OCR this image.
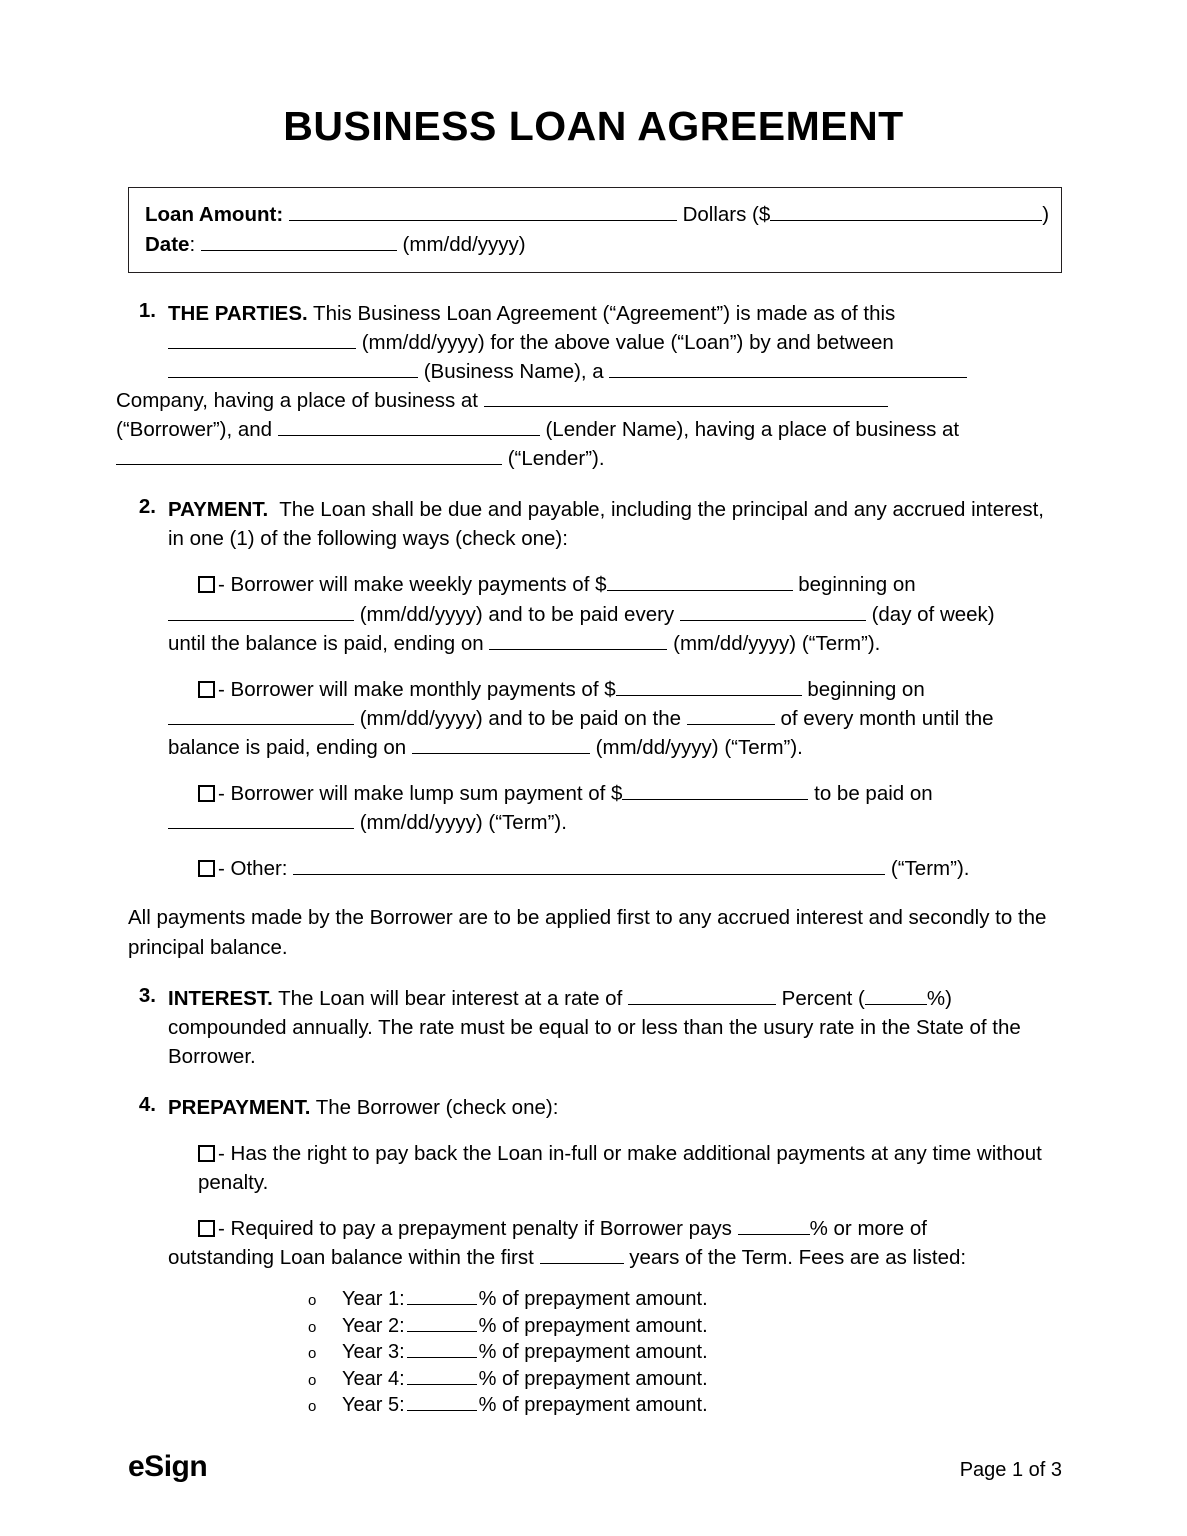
BUSINESS LOAN AGREEMENT
Loan Amount:	Dollars ($	)
Date:	(mm/dd/yyyy)
1. THE PARTIES. This Business Loan Agreement (“Agreement”) is made as of this

(mm/dd/yyyy) for the above value (“Loan”) by and between

(Business Name), a

Company, having a place of business at

(“Borrower”), and	(Lender Name), having a place of business at

(“Lender”).

2. PAYMENT. The Loan shall be due and payable, including the principal and any accrued interest, in one (1) of the following ways (check one):

- Borrower will make weekly payments of $	beginning on

(mm/dd/yyyy) and to be paid every	(day of week)

until the balance is paid, ending on	(mm/dd/yyyy) (“Term”).

- Borrower will make monthly payments of $	beginning on

(mm/dd/yyyy) and to be paid on the	of every month until the

balance is paid, ending on	(mm/dd/yyyy) (“Term”).

- Borrower will make lump sum payment of $	to be paid on

(mm/dd/yyyy) (“Term”).

- Other:	(“Term”).

All payments made by the Borrower are to be applied first to any accrued interest and secondly to the principal balance.
3. INTEREST. The Loan will bear interest at a rate of	Percent (	%)

compounded annually. The rate must be equal to or less than the usury rate in the State of the Borrower.

4. PREPAYMENT. The Borrower (check one):

- Has the right to pay back the Loan in-full or make additional payments at any time without penalty.

- Required to pay a prepayment penalty if Borrower pays	% or more of

outstanding Loan balance within the first	years of the Term. Fees are as listed:

o	Year 1:	% of prepayment amount.
o	Year 2:	% of prepayment amount.
o	Year 3:	% of prepayment amount.
o	Year 4:	% of prepayment amount.
o	Year 5:	% of prepayment amount.
eSign	Page 1 of 3
